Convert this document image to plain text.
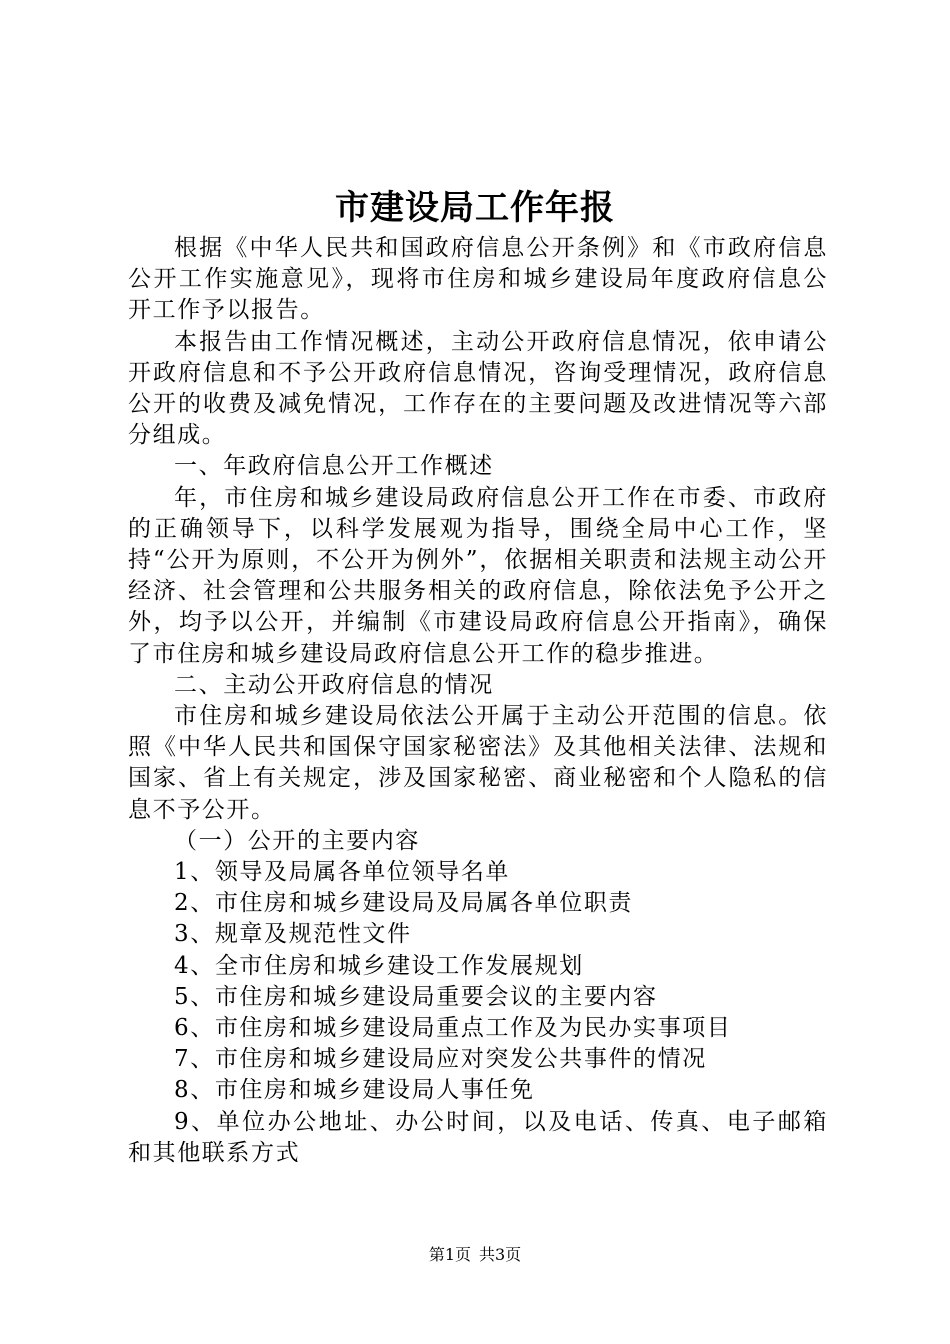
市建设局工作年报

根据《中华人民共和国政府信息公开条例》和《市政府信息公开工作实施意见》，现将市住房和城乡建设局年度政府信息公开工作予以报告。

本报告由工作情况概述，主动公开政府信息情况，依申请公开政府信息和不予公开政府信息情况，咨询受理情况，政府信息公开的收费及减免情况，工作存在的主要问题及改进情况等六部分组成。

一、年政府信息公开工作概述

年，市住房和城乡建设局政府信息公开工作在市委、市政府的正确领导下，以科学发展观为指导，围绕全局中心工作，坚持“公开为原则，不公开为例外”，依据相关职责和法规主动公开经济、社会管理和公共服务相关的政府信息，除依法免予公开之外，均予以公开，并编制《市建设局政府信息公开指南》，确保了市住房和城乡建设局政府信息公开工作的稳步推进。

二、主动公开政府信息的情况

市住房和城乡建设局依法公开属于主动公开范围的信息。依照《中华人民共和国保守国家秘密法》及其他相关法律、法规和国家、省上有关规定，涉及国家秘密、商业秘密和个人隐私的信息不予公开。

（一）公开的主要内容

1、领导及局属各单位领导名单

2、市住房和城乡建设局及局属各单位职责

3、规章及规范性文件

4、全市住房和城乡建设工作发展规划

5、市住房和城乡建设局重要会议的主要内容

6、市住房和城乡建设局重点工作及为民办实事项目

7、市住房和城乡建设局应对突发公共事件的情况

8、市住房和城乡建设局人事任免

9、单位办公地址、办公时间，以及电话、传真、电子邮箱和其他联系方式

第1页 共3页
